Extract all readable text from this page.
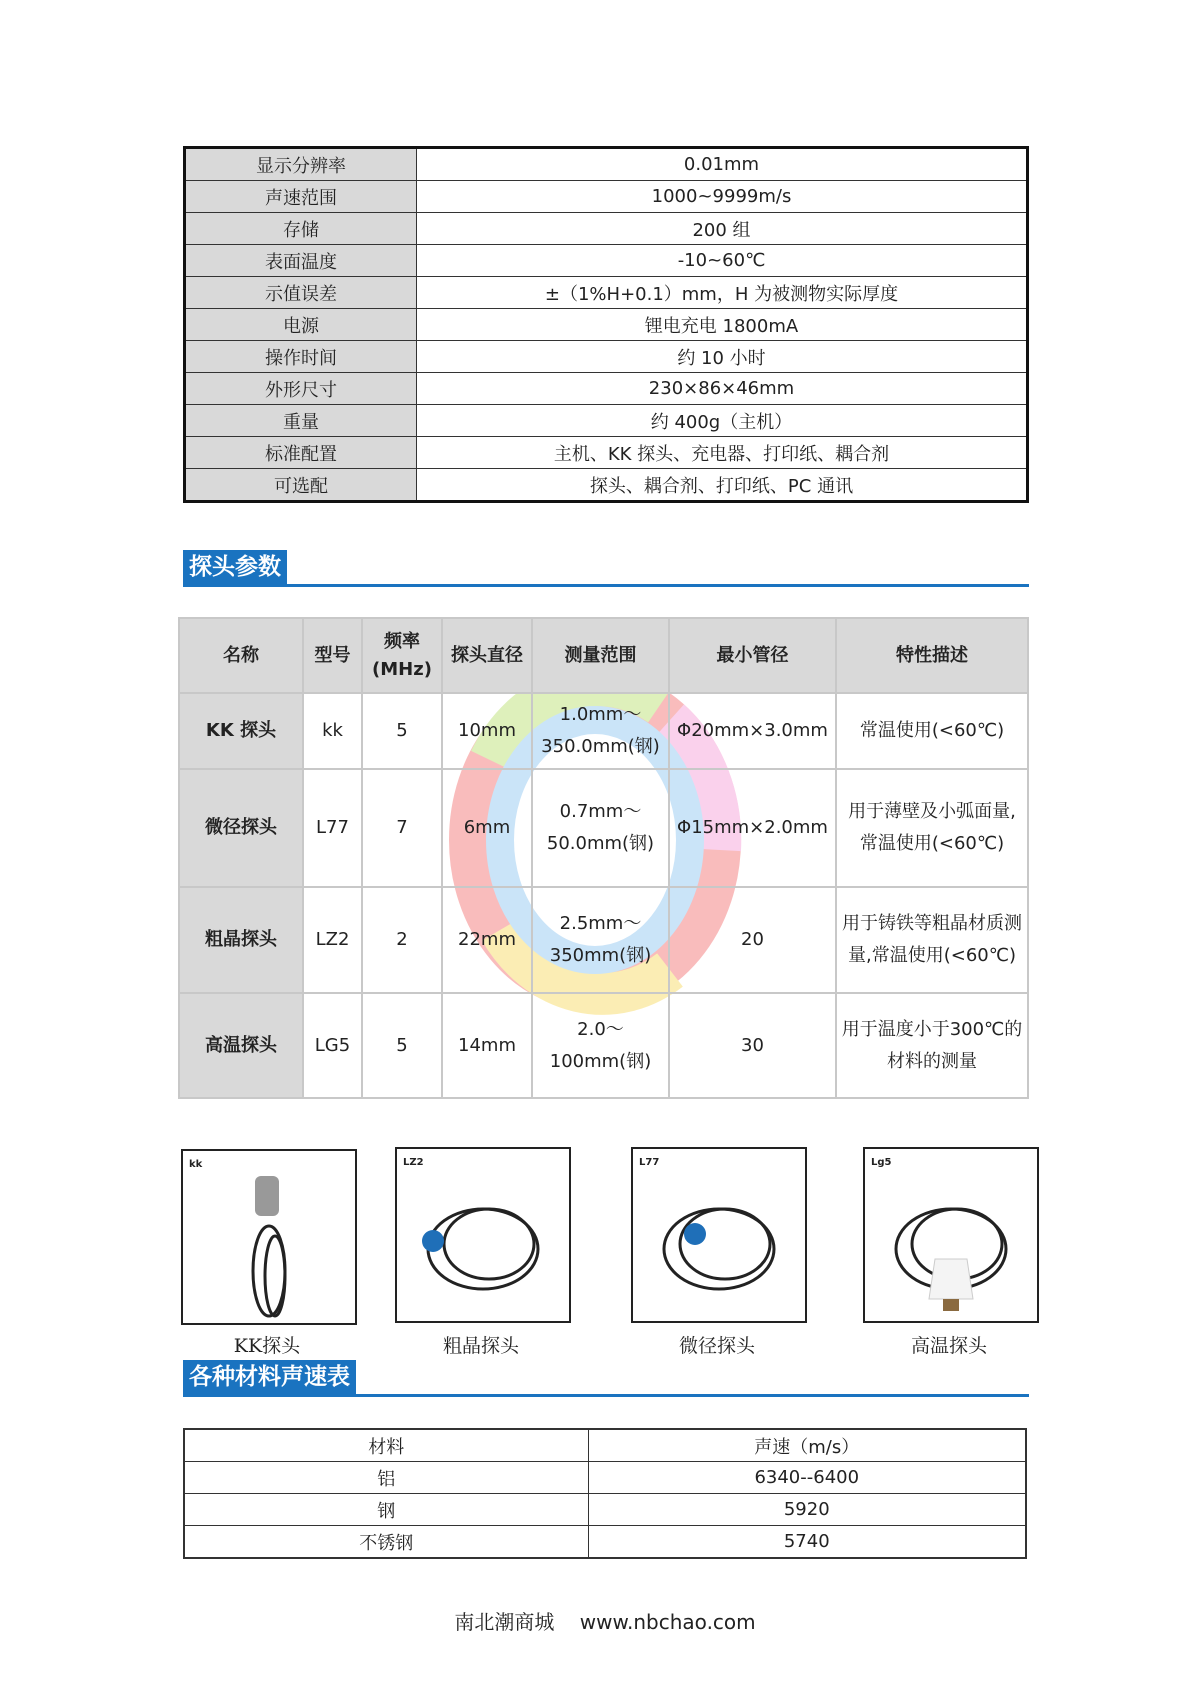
显示分辨率	0.01mm
声速范围	1000~9999m/s
存储	200 组
表面温度	-10~60℃
示值误差	±（1%H+0.1）mm，H 为被测物实际厚度
电源	锂电充电 1800mA
操作时间	约 10 小时
外形尺寸	230×86×46mm
重量	约 400g（主机）
标准配置	主机、KK 探头、充电器、打印纸、耦合剂
可选配	探头、耦合剂、打印纸、PC 通讯
探头参数
名称	型号	频率(MHz)	探头直径	测量范围	最小管径	特性描述
KK 探头	kk	5	10mm	1.0mm～350.0mm(钢)	Φ20mm×3.0mm	常温使用(<60℃)
微径探头	L77	7	6mm	0.7mm～50.0mm(钢)	Φ15mm×2.0mm	用于薄壁及小弧面量, 常温使用(<60℃)
粗晶探头	LZ2	2	22mm	2.5mm～350mm(钢)	20	用于铸铁等粗晶材质测量,常温使用(<60℃)
高温探头	LG5	5	14mm	2.0～100mm(钢)	30	用于温度小于300℃的材料的测量
kk
KK探头
LZ2
粗晶探头
L77
微径探头
Lg5
高温探头
各种材料声速表
材料	声速（m/s）
铝	6340--6400
钢	5920
不锈钢	5740
南北潮商城    www.nbchao.com
